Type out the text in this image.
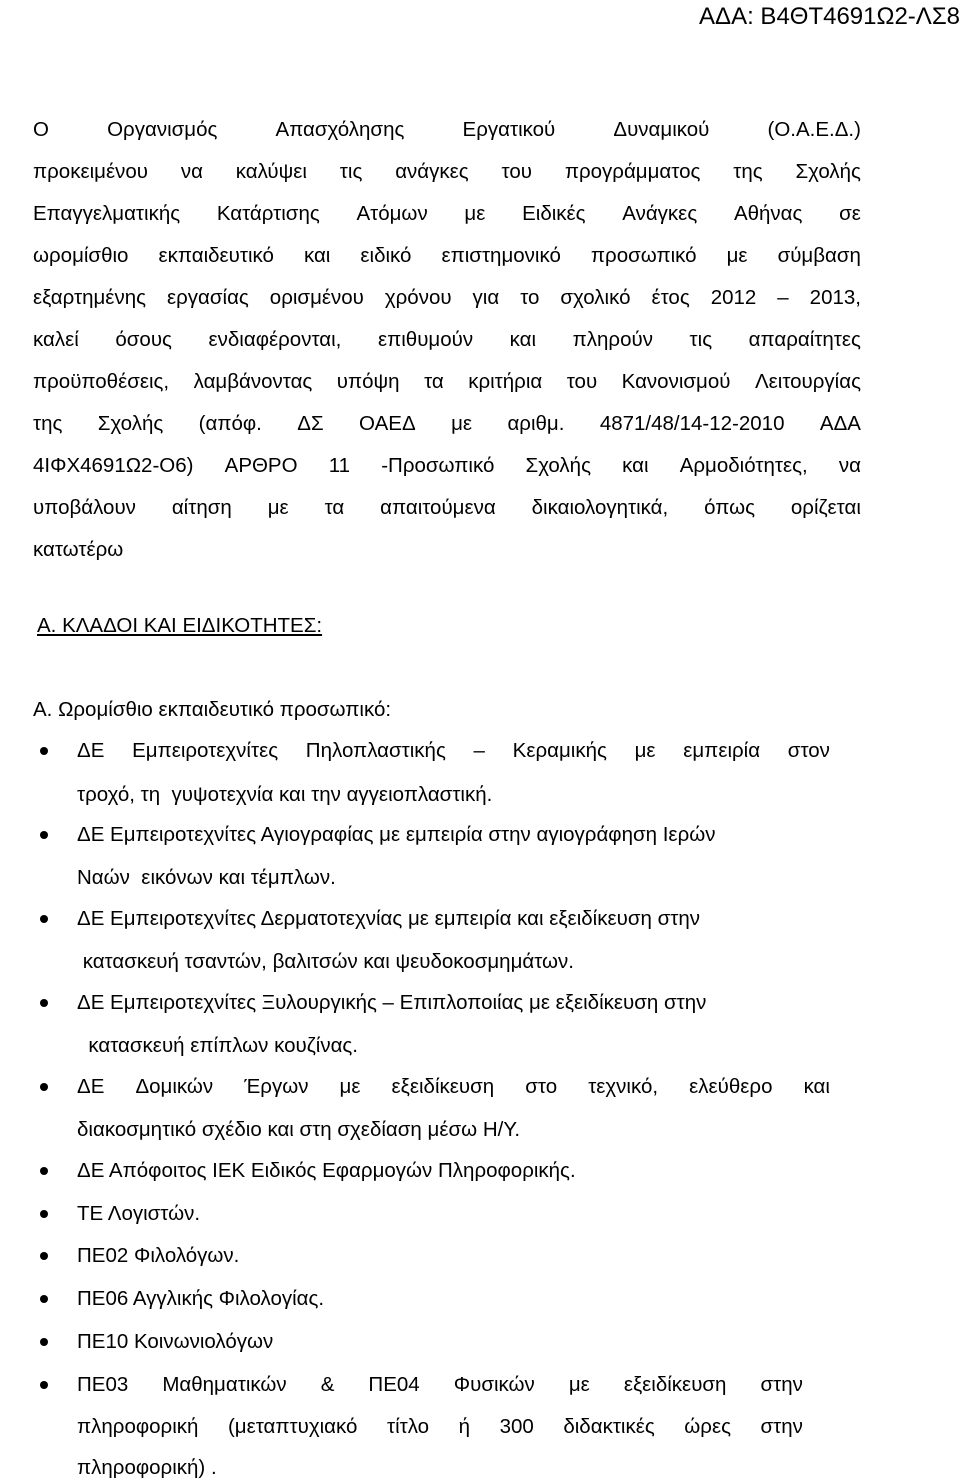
ΑΔΑ: Β4ΘΤ4691Ω2-ΛΣ8
Ο	Οργανισμός	Απασχόλησης	Εργατικού	Δυναμικού	(Ο.Α.Ε.Δ.)
προκειμένου να καλύψει τις ανάγκες του προγράμματος της Σχολής
Επαγγελματικής Κατάρτισης Ατόμων με Ειδικές Ανάγκες Αθήνας σε
ωρομίσθιο εκπαιδευτικό και ειδικό επιστημονικό προσωπικό με σύμβαση
εξαρτημένης εργασίας ορισμένου χρόνου για το σχολικό έτος 2012 – 2013,
καλεί όσους ενδιαφέρονται, επιθυμούν και πληρούν τις απαραίτητες
προϋποθέσεις, λαμβάνοντας υπόψη τα κριτήρια του Κανονισμού Λειτουργίας
της Σχολής (απόφ. ΔΣ ΟΑΕΔ με αριθμ. 4871/48/14-12-2010 ΑΔΑ
4ΙΦΧ4691Ω2-Ο6) ΑΡΘΡΟ 11 -Προσωπικό Σχολής και Αρμοδιότητες, να
υποβάλουν αίτηση με τα απαιτούμενα δικαιολογητικά, όπως ορίζεται
κατωτέρω
Α. ΚΛΑΔΟΙ ΚΑΙ ΕΙΔΙΚΟΤΗΤΕΣ:
Α. Ωρομίσθιο εκπαιδευτικό προσωπικό:
ΔΕ Εμπειροτεχνίτες Πηλοπλαστικής – Κεραμικής με εμπειρία στον
τροχό, τη  γυψοτεχνία και την αγγειοπλαστική.
ΔΕ Εμπειροτεχνίτες Αγιογραφίας με εμπειρία στην αγιογράφηση Ιερών
Ναών  εικόνων και τέμπλων.
ΔΕ Εμπειροτεχνίτες Δερματοτεχνίας με εμπειρία και εξειδίκευση στην
κατασκευή τσαντών, βαλιτσών και ψευδοκοσμημάτων.
ΔΕ Εμπειροτεχνίτες Ξυλουργικής – Επιπλοποιίας με εξειδίκευση στην
κατασκευή επίπλων κουζίνας.
ΔΕ Δομικών Έργων με εξειδίκευση στο τεχνικό, ελεύθερο και
διακοσμητικό σχέδιο και στη σχεδίαση μέσω Η/Υ.
ΔΕ Απόφοιτος ΙΕΚ Ειδικός Εφαρμογών Πληροφορικής.
ΤΕ Λογιστών.
ΠΕ02 Φιλολόγων.
ΠΕ06 Αγγλικής Φιλολογίας.
ΠΕ10 Κοινωνιολόγων
ΠΕ03 Μαθηματικών & ΠΕ04 Φυσικών με εξειδίκευση στην
πληροφορική (μεταπτυχιακό τίτλο ή 300 διδακτικές ώρες στην
πληροφορική) .
